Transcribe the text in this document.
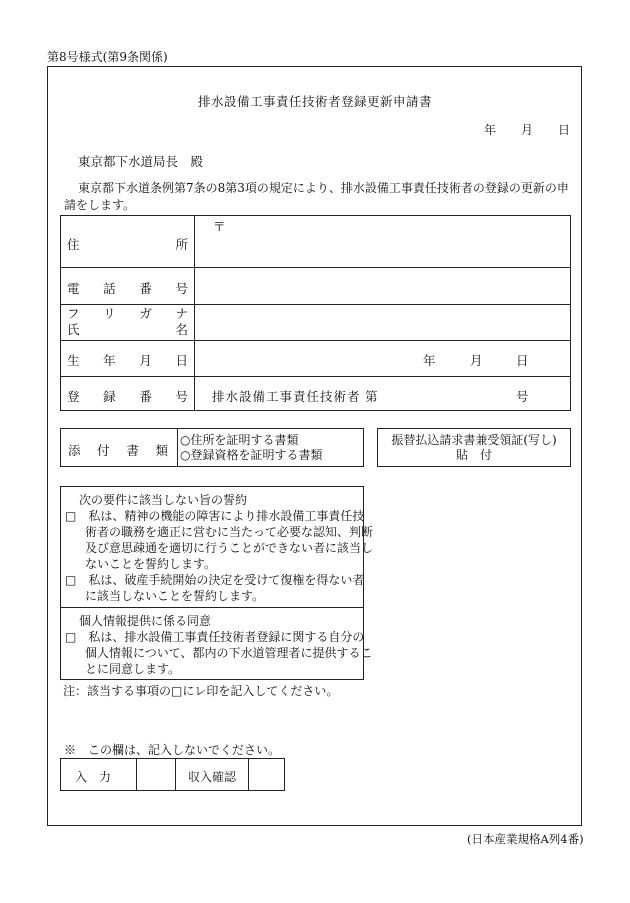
第8号様式(第9条関係)
排水設備工事責任技術者登録更新申請書
年 月 日
東京都下水道局長　殿
東京都下水道条例第7条の8第3項の規定により、排水設備工事責任技術者の登録の更新の申請をします。
住	所
〒
電 話 番 号
フ リ ガ ナ
氏	名
生 年 月 日	年	月	日
登 録 番 号 排水設備工事責任技術者 第	号
添 付 書 類
○住所を証明する書類
○登録資格を証明する書類
振替払込請求書兼受領証(写し)
貼　付
次の要件に該当しない旨の誓約
□　私は、精神の機能の障害により排水設備工事責任技
術者の職務を適正に営むに当たって必要な認知、判断
及び意思疎通を適切に行うことができない者に該当し
ないことを誓約します。
□　私は、破産手続開始の決定を受けて復権を得ない者
に該当しないことを誓約します。
個人情報提供に係る同意
□　私は、排水設備工事責任技術者登録に関する自分の
個人情報について、都内の下水道管理者に提供するこ
とに同意します。
注：該当する事項の□にレ印を記入してください。
※　この欄は、記入しないでください。
入　力	収入確認
(日本産業規格A列4番)
